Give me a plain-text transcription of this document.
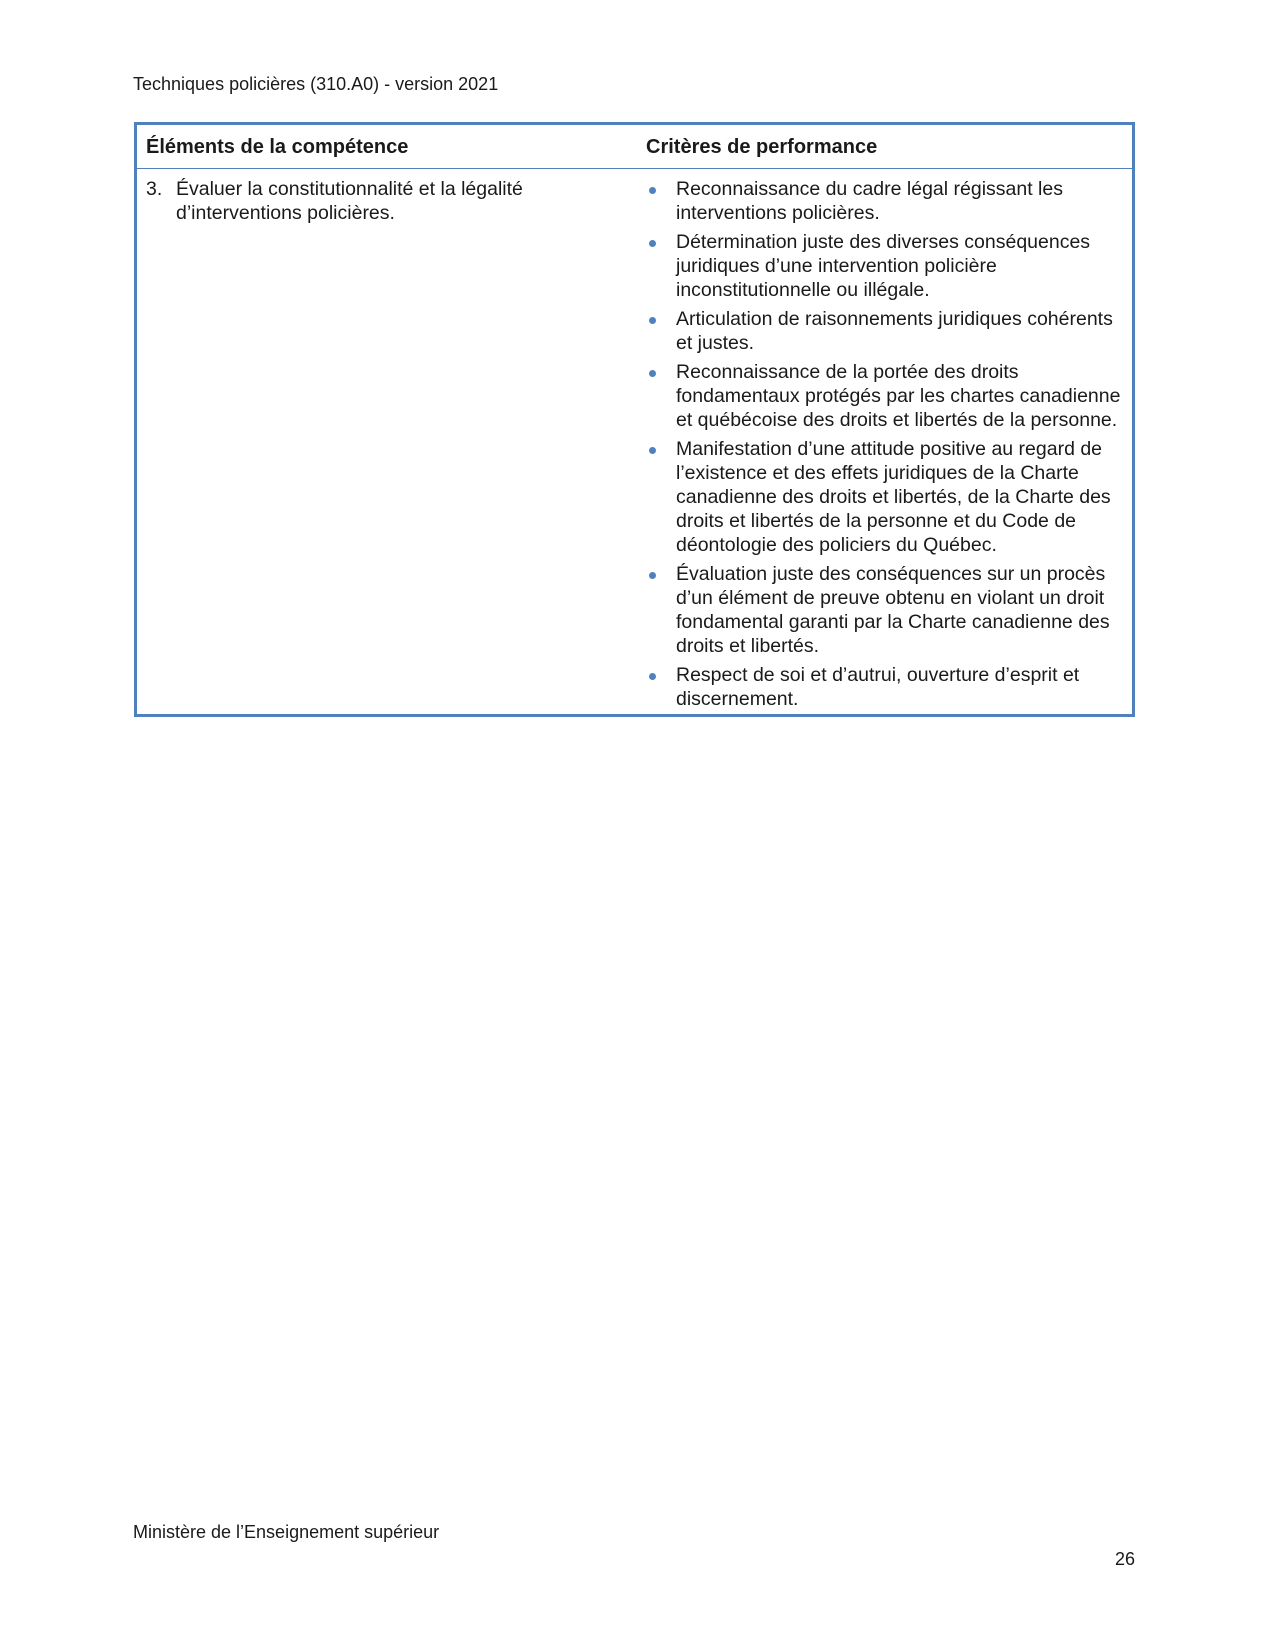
Techniques policières (310.A0) - version 2021
Éléments de la compétence	Critères de performance
3. Évaluer la constitutionnalité et la légalité d’interventions policières.
Reconnaissance du cadre légal régissant les interventions policières.
Détermination juste des diverses conséquences juridiques d’une intervention policière inconstitutionnelle ou illégale.
Articulation de raisonnements juridiques cohérents et justes.
Reconnaissance de la portée des droits fondamentaux protégés par les chartes canadienne et québécoise des droits et libertés de la personne.
Manifestation d’une attitude positive au regard de l’existence et des effets juridiques de la Charte canadienne des droits et libertés, de la Charte des droits et libertés de la personne et du Code de déontologie des policiers du Québec.
Évaluation juste des conséquences sur un procès d’un élément de preuve obtenu en violant un droit fondamental garanti par la Charte canadienne des droits et libertés.
Respect de soi et d’autrui, ouverture d’esprit et discernement.
Ministère de l’Enseignement supérieur
26
